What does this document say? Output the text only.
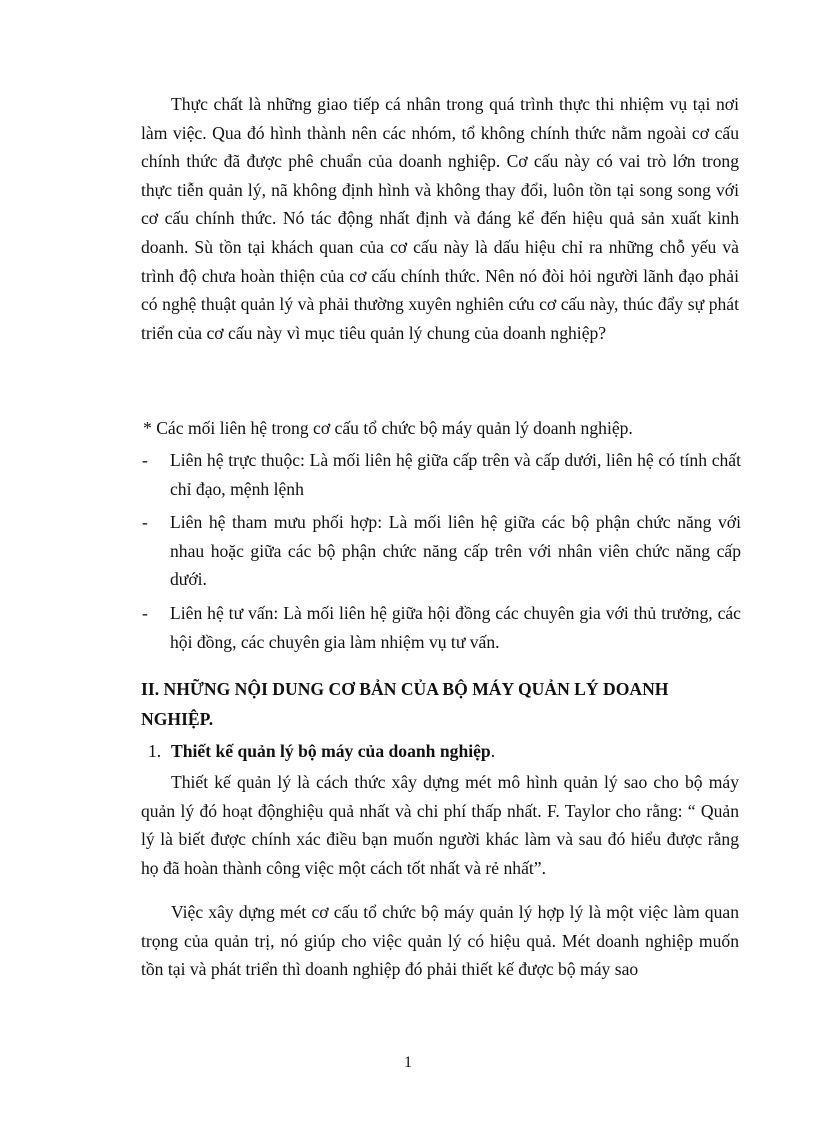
Thực chất là những giao tiếp cá nhân trong quá trình thực thi nhiệm vụ tại nơi làm việc. Qua đó hình thành nên các nhóm, tổ không chính thức nằm ngoài cơ cấu chính thức đã được phê chuẩn của doanh nghiệp. Cơ cấu này có vai trò lớn trong thực tiễn quản lý, nã không định hình và không thay đổi, luôn tồn tại song song với cơ cấu chính thức. Nó tác động nhất định và đáng kể đến hiệu quả sản xuất kinh doanh. Sù tồn tại khách quan của cơ cấu này là dấu hiệu chỉ ra những chỗ yếu và trình độ chưa hoàn thiện của cơ cấu chính thức. Nên nó đòi hỏi người lãnh đạo phải có nghệ thuật quản lý và phải thường xuyên nghiên cứu cơ cấu này, thúc đẩy sự phát triển của cơ cấu này vì mục tiêu quản lý chung của doanh nghiệp?

* Các mối liên hệ trong cơ cấu tổ chức bộ máy quản lý doanh nghiệp.

-	Liên hệ trực thuộc: Là mối liên hệ giữa cấp trên và cấp dưới, liên hệ có tính chất chỉ đạo, mệnh lệnh
-	Liên hệ tham mưu phối hợp: Là mối liên hệ giữa các bộ phận chức năng với nhau hoặc giữa các bộ phận chức năng cấp trên với nhân viên chức năng cấp dưới.
-	Liên hệ tư vấn: Là mối liên hệ giữa hội đồng các chuyên gia với thủ trưởng, các hội đồng, các chuyên gia làm nhiệm vụ tư vấn.

II. NHỮNG NỘI DUNG CƠ BẢN CỦA BỘ MÁY QUẢN LÝ DOANH NGHIỆP.

1. Thiết kế quản lý bộ máy của doanh nghiệp.

Thiết kế quản lý là cách thức xây dựng mét mô hình quản lý sao cho bộ máy quản lý đó hoạt độnghiệu quả nhất và chi phí thấp nhất. F. Taylor cho rằng: “ Quản lý là biết được chính xác điều bạn muốn người khác làm và sau đó hiểu được rằng họ đã hoàn thành công việc một cách tốt nhất và rẻ nhất”.

Việc xây dựng mét cơ cấu tổ chức bộ máy quản lý hợp lý là một việc làm quan trọng của quản trị, nó giúp cho việc quản lý có hiệu quả. Mét doanh nghiệp muốn tồn tại và phát triển thì doanh nghiệp đó phải thiết kế được bộ máy sao

1
